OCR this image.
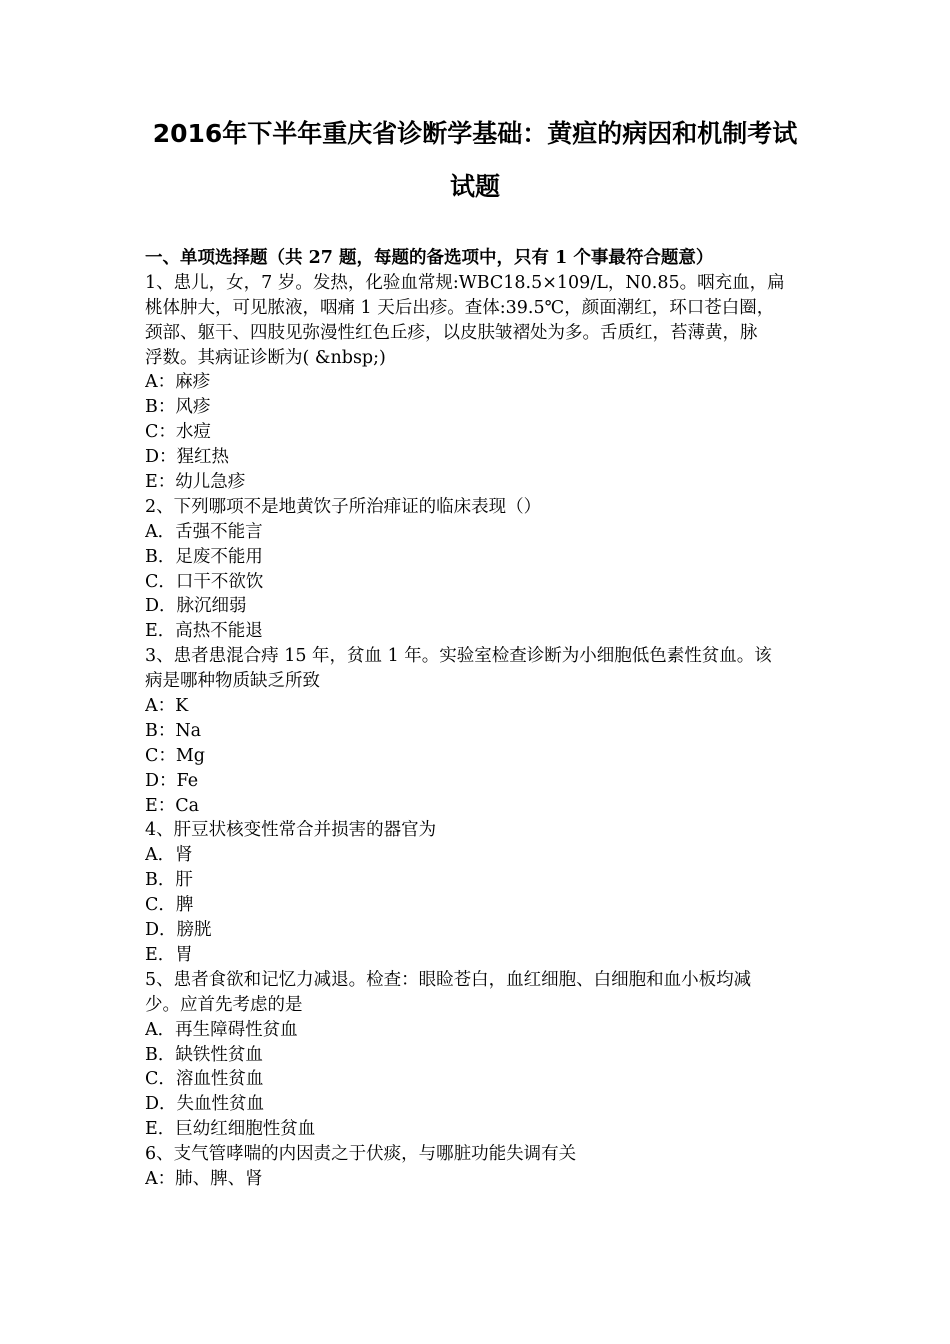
2016年下半年重庆省诊断学基础：黄疸的病因和机制考试
试题
一、单项选择题（共 27 题，每题的备选项中，只有 1 个事最符合题意）
1、患儿，女，7 岁。发热，化验血常规:WBC18.5×109/L，N0.85。咽充血，扁
桃体肿大，可见脓液，咽痛 1 天后出疹。查体:39.5℃，颜面潮红，环口苍白圈，
颈部、躯干、四肢见弥漫性红色丘疹，以皮肤皱褶处为多。舌质红，苔薄黄，脉
浮数。其病证诊断为( &nbsp;)
A：麻疹
B：风疹
C：水痘
D：猩红热
E：幼儿急疹
2、下列哪项不是地黄饮子所治痱证的临床表现（）
A．舌强不能言
B．足废不能用
C．口干不欲饮
D．脉沉细弱
E．高热不能退
3、患者患混合痔 15 年，贫血 1 年。实验室检查诊断为小细胞低色素性贫血。该
病是哪种物质缺乏所致
A：K
B：Na
C：Mg
D：Fe
E：Ca
4、肝豆状核变性常合并损害的器官为
A．肾
B．肝
C．脾
D．膀胱
E．胃
5、患者食欲和记忆力减退。检查：眼睑苍白，血红细胞、白细胞和血小板均减
少。应首先考虑的是
A．再生障碍性贫血
B．缺铁性贫血
C．溶血性贫血
D．失血性贫血
E．巨幼红细胞性贫血
6、支气管哮喘的内因责之于伏痰，与哪脏功能失调有关
A：肺、脾、肾
